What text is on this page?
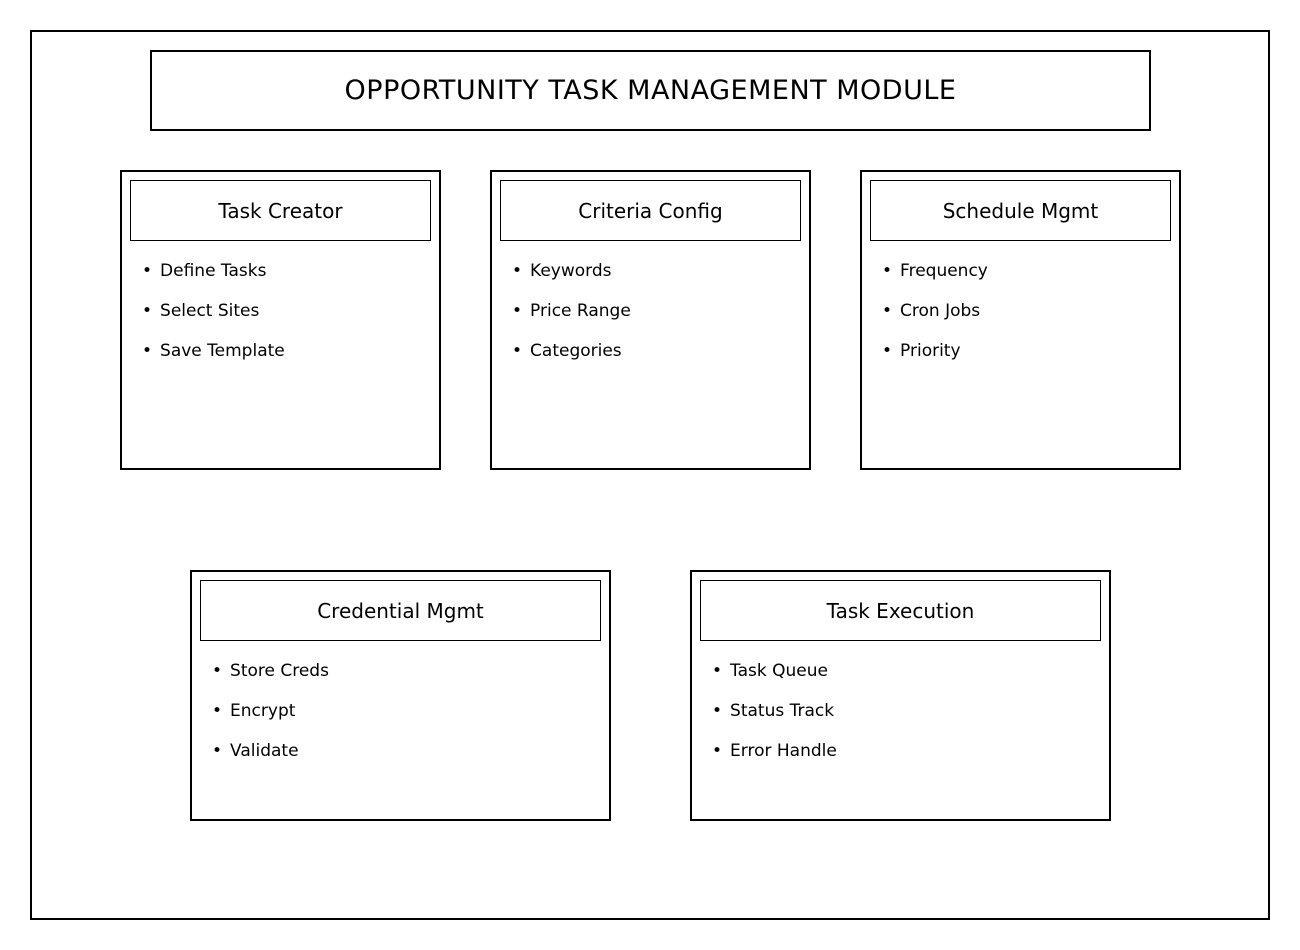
OPPORTUNITY TASK MANAGEMENT MODULE
Task Creator
• Define Tasks
• Select Sites
• Save Template
Criteria Config
• Keywords
• Price Range
• Categories
Schedule Mgmt
• Frequency
• Cron Jobs
• Priority
Credential Mgmt
• Store Creds
• Encrypt
• Validate
Task Execution
• Task Queue
• Status Track
• Error Handle
